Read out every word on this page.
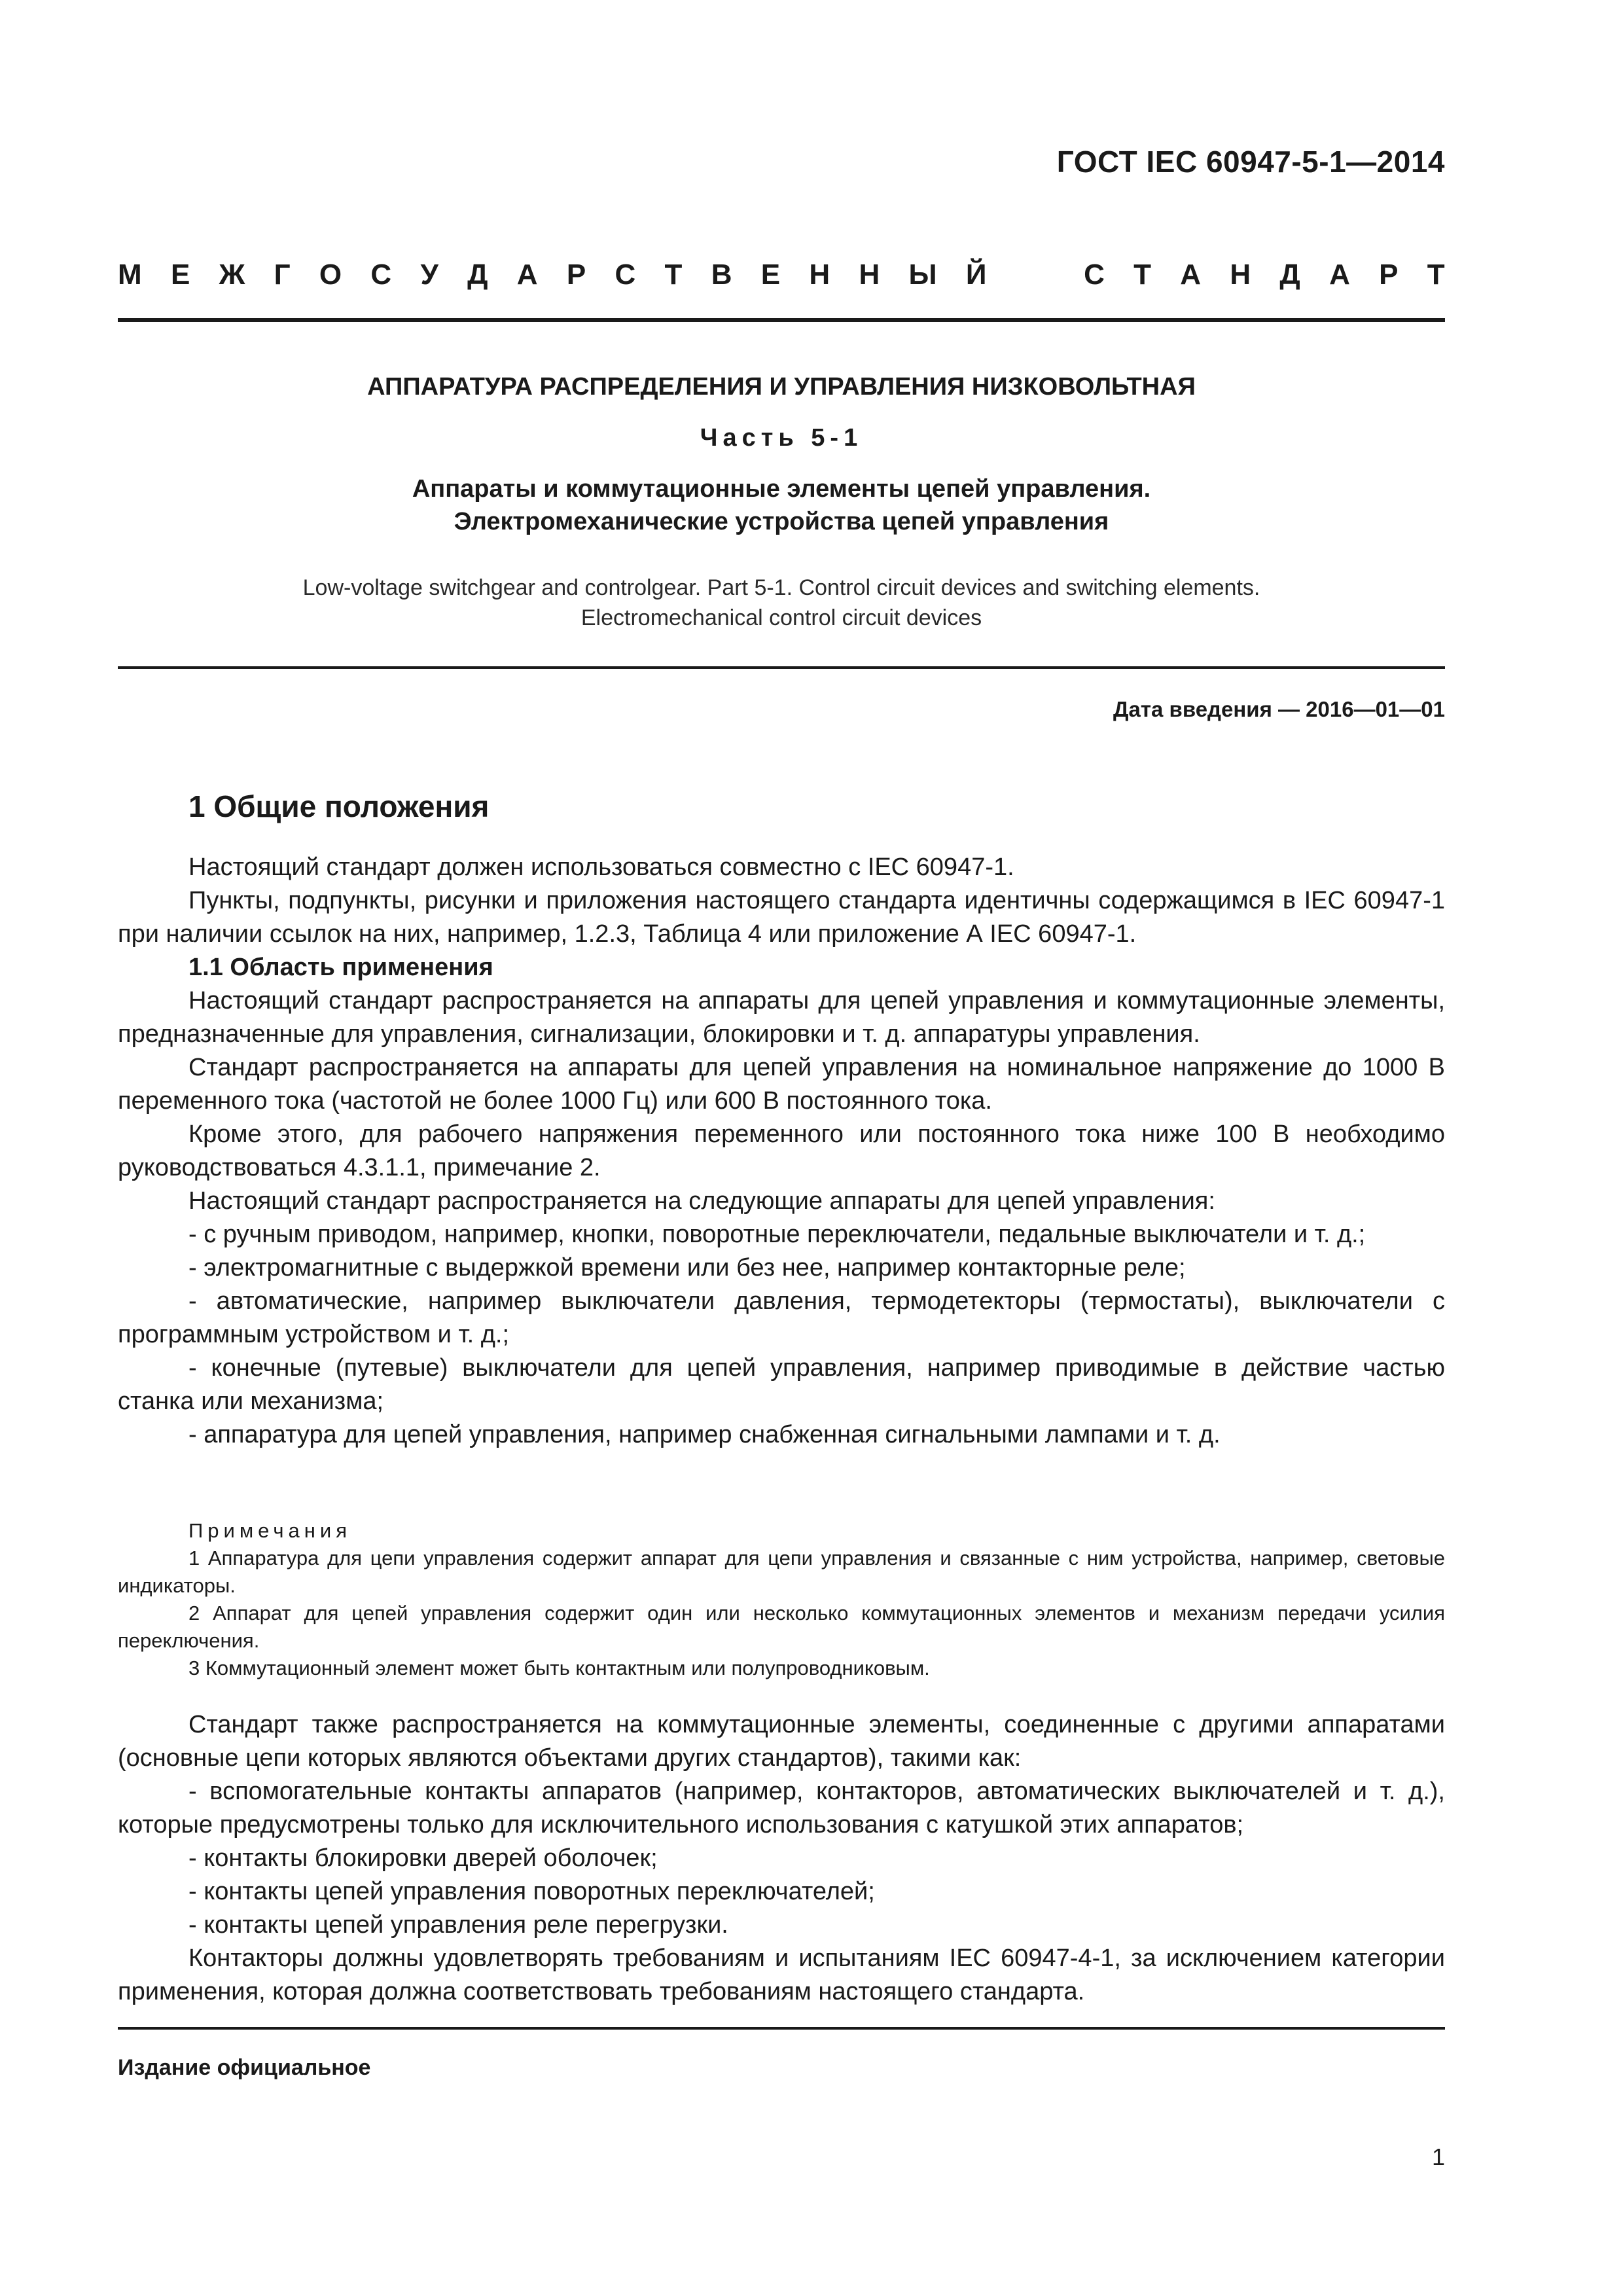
ГОСТ IEC 60947-5-1—2014
М Е Ж Г О С У Д А Р С Т В Е Н Н Ы Й	С Т А Н Д А Р Т
АППАРАТУРА РАСПРЕДЕЛЕНИЯ И УПРАВЛЕНИЯ НИЗКОВОЛЬТНАЯ
Часть 5-1
Аппараты и коммутационные элементы цепей управления.
Электромеханические устройства цепей управления
Low-voltage switchgear and controlgear. Part 5-1. Control circuit devices and switching elements.
Electromechanical control circuit devices
Дата введения — 2016—01—01
1 Общие положения

Настоящий стандарт должен использоваться совместно с IEC 60947-1.

Пункты, подпункты, рисунки и приложения настоящего стандарта идентичны содержащимся в IEC 60947-1 при наличии ссылок на них, например, 1.2.3, Таблица 4 или приложение А IEC 60947-1.

1.1 Область применения

Настоящий стандарт распространяется на аппараты для цепей управления и коммутационные элементы, предназначенные для управления, сигнализации, блокировки и т. д. аппаратуры управления.

Стандарт распространяется на аппараты для цепей управления на номинальное напряжение до 1000 В переменного тока (частотой не более 1000 Гц) или 600 В постоянного тока.

Кроме этого, для рабочего напряжения переменного или постоянного тока ниже 100 В необходимо руководствоваться 4.3.1.1, примечание 2.

Настоящий стандарт распространяется на следующие аппараты для цепей управления:

- с ручным приводом, например, кнопки, поворотные переключатели, педальные выключатели и т. д.;

- электромагнитные с выдержкой времени или без нее, например контакторные реле;

- автоматические, например выключатели давления, термодетекторы (термостаты), выключатели с программным устройством и т. д.;

- конечные (путевые) выключатели для цепей управления, например приводимые в действие частью станка или механизма;

- аппаратура для цепей управления, например снабженная сигнальными лампами и т. д.

Примечания

1 Аппаратура для цепи управления содержит аппарат для цепи управления и связанные с ним устройства, например, световые индикаторы.

2 Аппарат для цепей управления содержит один или несколько коммутационных элементов и механизм передачи усилия переключения.

3 Коммутационный элемент может быть контактным или полупроводниковым.

Стандарт также распространяется на коммутационные элементы, соединенные с другими аппаратами (основные цепи которых являются объектами других стандартов), такими как:

- вспомогательные контакты аппаратов (например, контакторов, автоматических выключателей и т. д.), которые предусмотрены только для исключительного использования с катушкой этих аппаратов;

- контакты блокировки дверей оболочек;

- контакты цепей управления поворотных переключателей;

- контакты цепей управления реле перегрузки.

Контакторы должны удовлетворять требованиям и испытаниям IEC 60947-4-1, за исключением категории применения, которая должна соответствовать требованиям настоящего стандарта.

Издание официальное
1
